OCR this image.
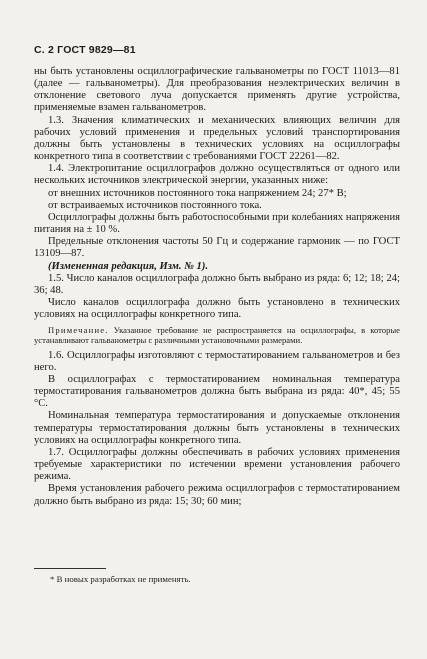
С. 2 ГОСТ 9829—81

ны быть установлены осциллографические гальванометры по ГОСТ 11013—81 (далее — гальванометры). Для преобразования неэлектрических величин в отклонение светового луча допускается применять другие устройства, применяемые взамен гальванометров.

1.3. Значения климатических и механических влияющих величин для рабочих условий применения и предельных условий транспортирования должны быть установлены в технических условиях на осциллографы конкретного типа в соответствии с требованиями ГОСТ 22261—82.

1.4. Электропитание осциллографов должно осуществляться от одного или нескольких источников электрической энергии, указанных ниже:

от внешних источников постоянного тока напряжением 24; 27* В;

от встраиваемых источников постоянного тока.

Осциллографы должны быть работоспособными при колебаниях напряжения питания на ± 10 %.

Предельные отклонения частоты 50 Гц и содержание гармоник — по ГОСТ 13109—87.

(Измененная редакция, Изм. № 1).

1.5. Число каналов осциллографа должно быть выбрано из ряда: 6; 12; 18; 24; 36; 48.

Число каналов осциллографа должно быть установлено в технических условиях на осциллографы конкретного типа.

Примечание. Указанное требование не распространяется на осциллографы, в которые устанавливают гальванометры с различными установочными размерами.

1.6. Осциллографы изготовляют с термостатированием гальванометров и без него.

В осциллографах с термостатированием номинальная температура термостатирования гальванометров должна быть выбрана из ряда: 40*, 45; 55 °С.

Номинальная температура термостатирования и допускаемые отклонения температуры термостатирования должны быть установлены в технических условиях на осциллографы конкретного типа.

1.7. Осциллографы должны обеспечивать в рабочих условиях применения требуемые характеристики по истечении времени установления рабочего режима.

Время установления рабочего режима осциллографов с термостатированием должно быть выбрано из ряда: 15; 30; 60 мин;

* В новых разработках не применять.
